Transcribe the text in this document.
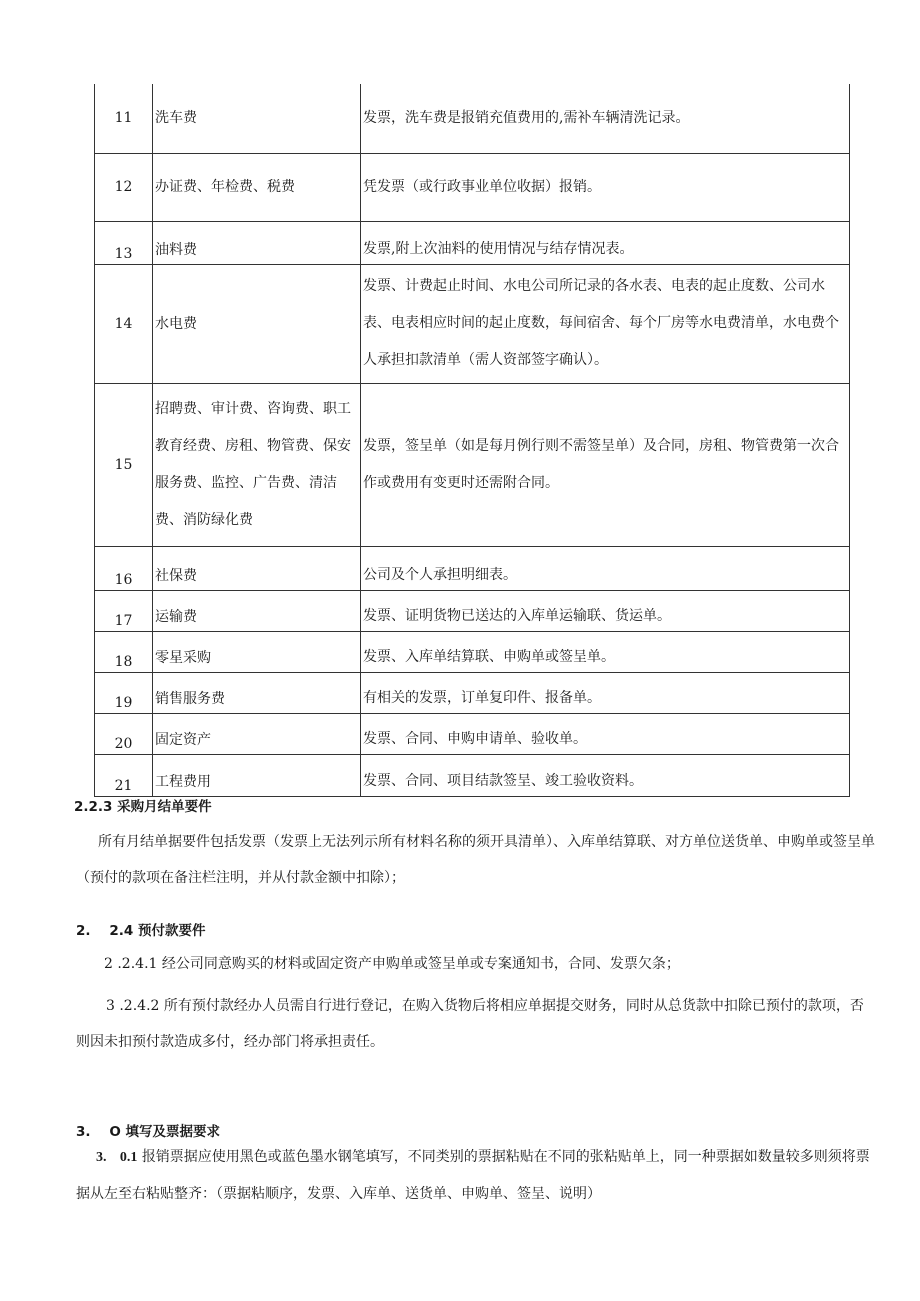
11	洗车费	发票，洗车费是报销充值费用的,需补车辆清洗记录。
12	办证费、年检费、税费	凭发票（或行政事业单位收据）报销。
13	油料费	发票,附上次油料的使用情况与结存情况表。
14	水电费	发票、计费起止时间、水电公司所记录的各水表、电表的起止度数、公司水表、电表相应时间的起止度数，每间宿舍、每个厂房等水电费清单，水电费个人承担扣款清单（需人资部签字确认）。
15	招聘费、审计费、咨询费、职工教育经费、房租、物管费、保安服务费、监控、广告费、清洁费、消防绿化费	发票，签呈单（如是每月例行则不需签呈单）及合同，房租、物管费第一次合作或费用有变更时还需附合同。
16	社保费	公司及个人承担明细表。
17	运输费	发票、证明货物已送达的入库单运输联、货运单。
18	零星采购	发票、入库单结算联、申购单或签呈单。
19	销售服务费	有相关的发票，订单复印件、报备单。
20	固定资产	发票、合同、申购申请单、验收单。
21	工程费用	发票、合同、项目结款签呈、竣工验收资料。
2.2.3 采购月结单要件
所有月结单据要件包括发票（发票上无法列示所有材料名称的须开具清单）、入库单结算联、对方单位送货单、申购单或签呈单（预付的款项在备注栏注明，并从付款金额中扣除）；
2. 2.4 预付款要件
2 .2.4.1 经公司同意购买的材料或固定资产申购单或签呈单或专案通知书，合同、发票欠条；
3 .2.4.2 所有预付款经办人员需自行进行登记，在购入货物后将相应单据提交财务，同时从总货款中扣除已预付的款项，否则因未扣预付款造成多付，经办部门将承担责任。
3. O 填写及票据要求
3. 0.1 报销票据应使用黑色或蓝色墨水钢笔填写，不同类别的票据粘贴在不同的张粘贴单上，同一种票据如数量较多则须将票据从左至右粘贴整齐：（票据粘顺序，发票、入库单、送货单、申购单、签呈、说明）
